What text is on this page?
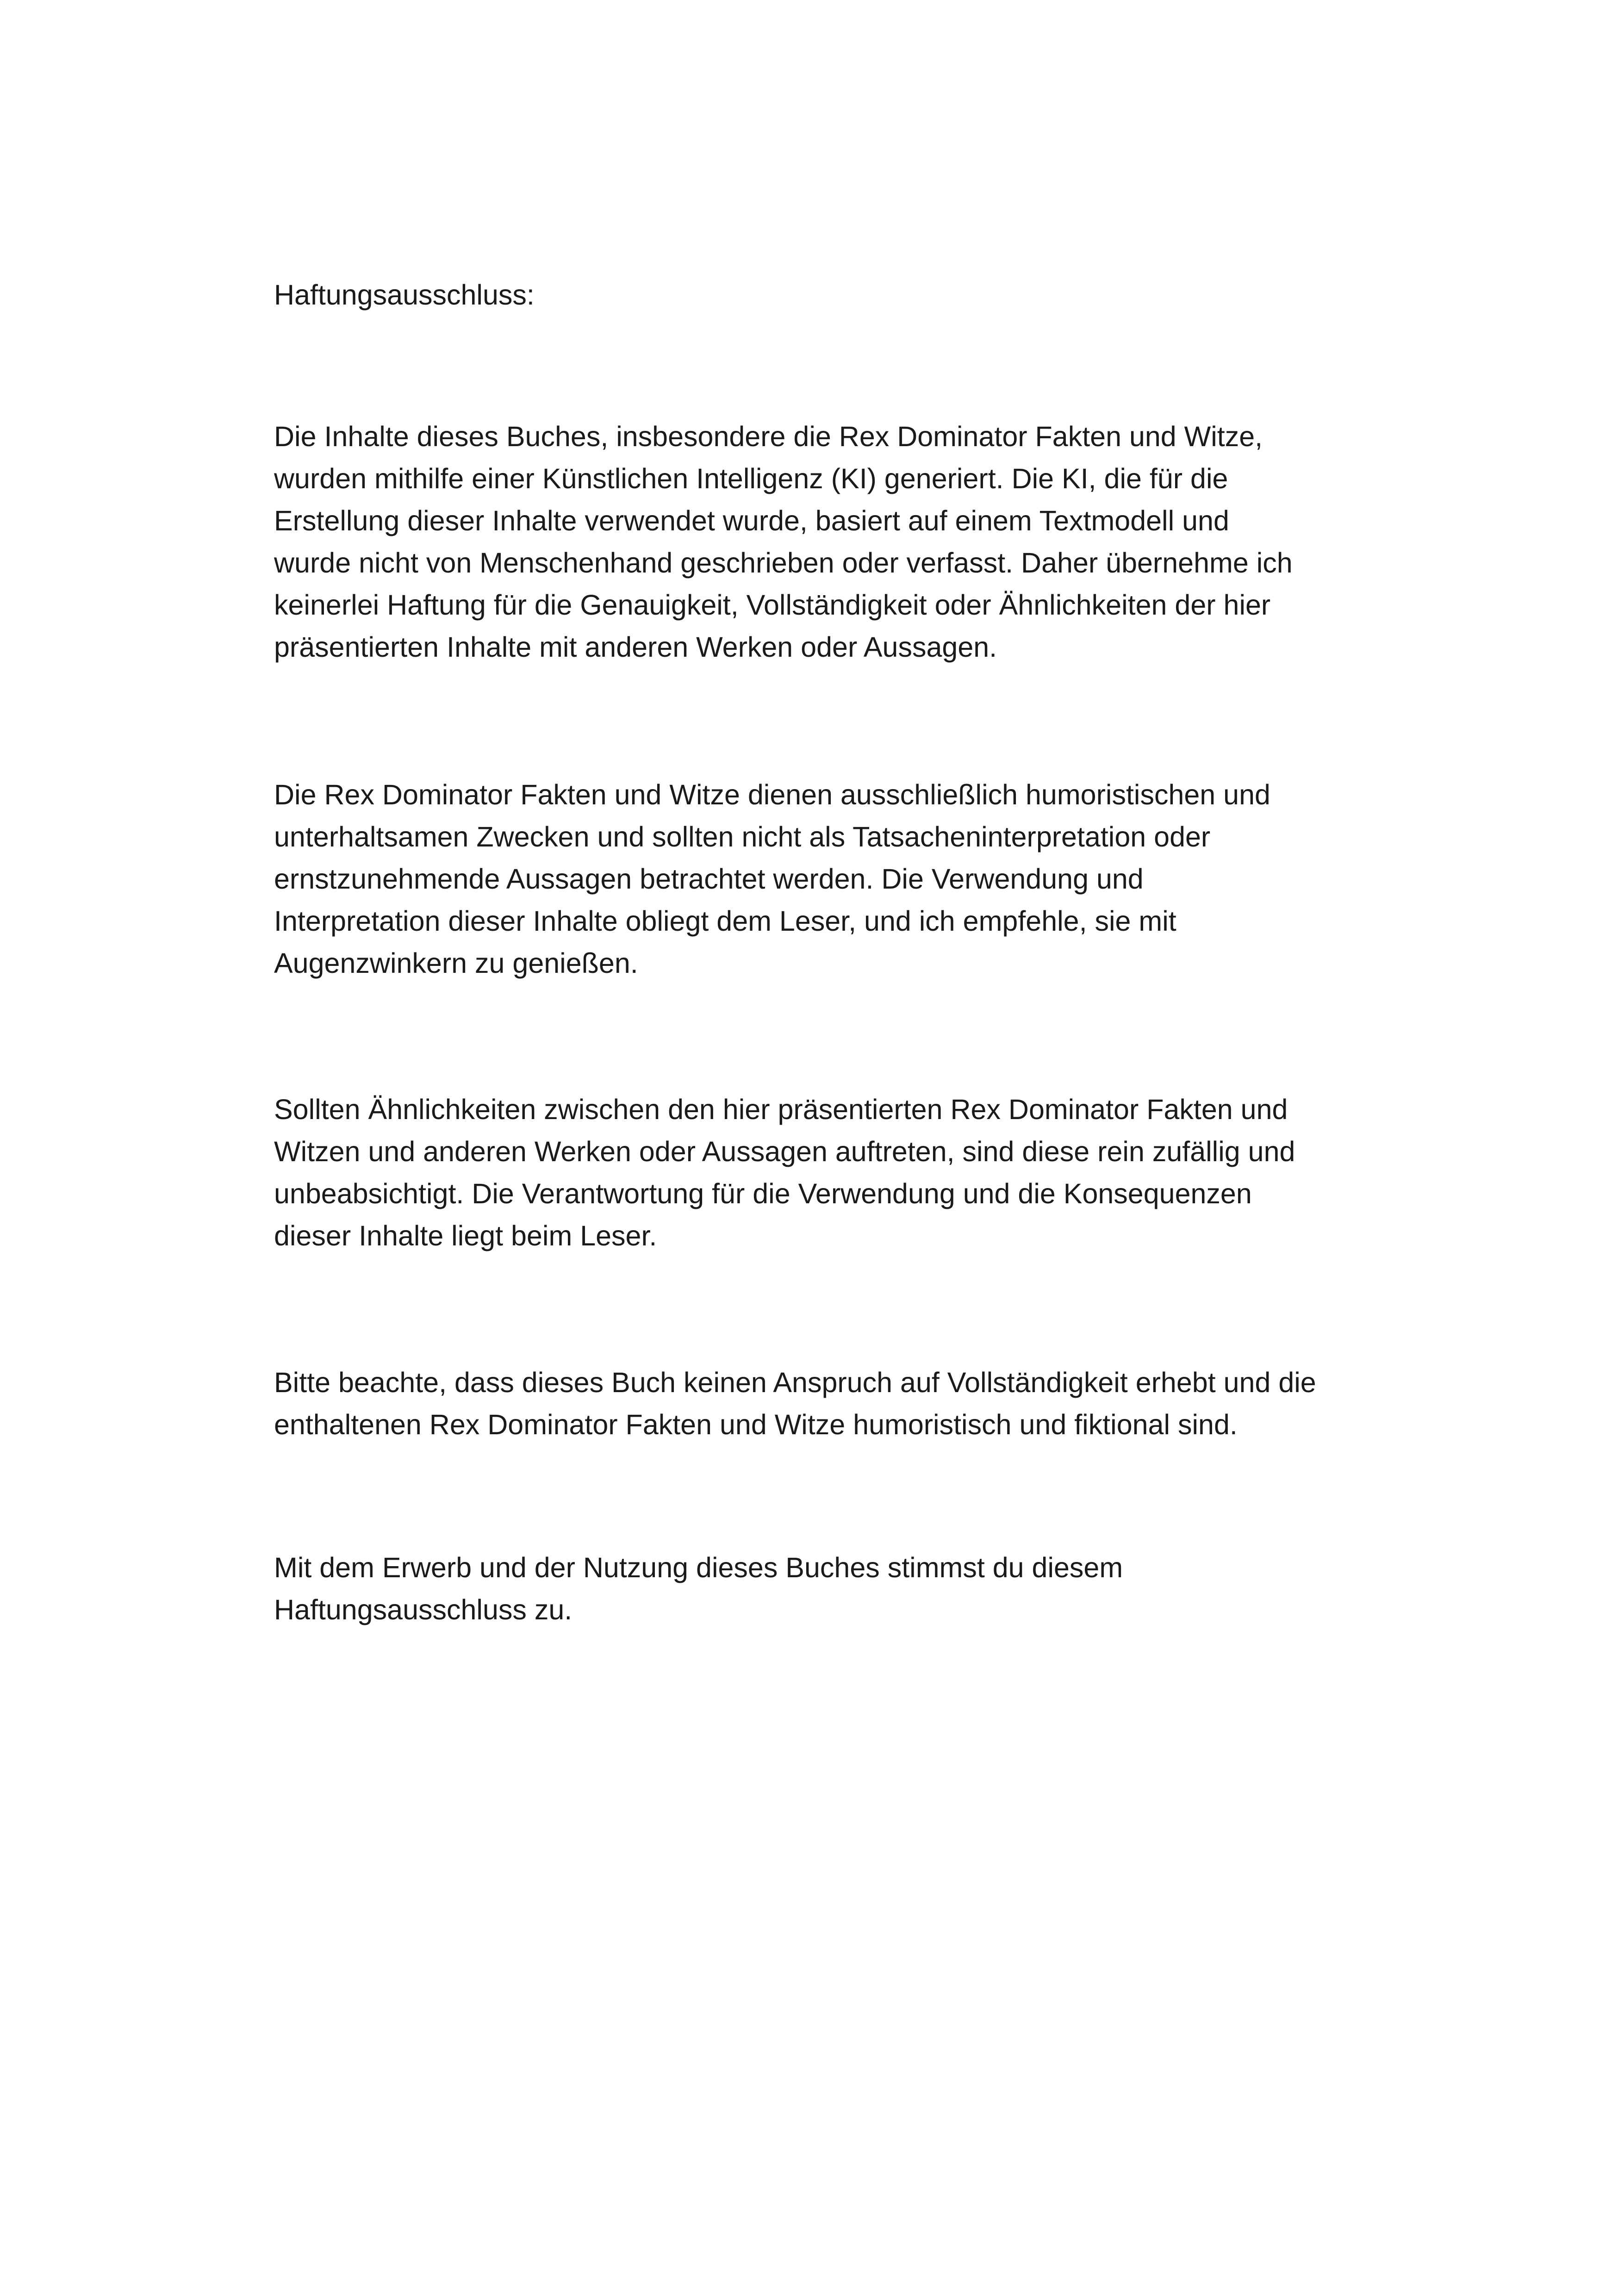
Haftungsausschluss:
Die Inhalte dieses Buches, insbesondere die Rex Dominator Fakten und Witze,
wurden mithilfe einer Künstlichen Intelligenz (KI) generiert. Die KI, die für die
Erstellung dieser Inhalte verwendet wurde, basiert auf einem Textmodell und
wurde nicht von Menschenhand geschrieben oder verfasst. Daher übernehme ich
keinerlei Haftung für die Genauigkeit, Vollständigkeit oder Ähnlichkeiten der hier
präsentierten Inhalte mit anderen Werken oder Aussagen.
Die Rex Dominator Fakten und Witze dienen ausschließlich humoristischen und
unterhaltsamen Zwecken und sollten nicht als Tatsacheninterpretation oder
ernstzunehmende Aussagen betrachtet werden. Die Verwendung und
Interpretation dieser Inhalte obliegt dem Leser, und ich empfehle, sie mit
Augenzwinkern zu genießen.
Sollten Ähnlichkeiten zwischen den hier präsentierten Rex Dominator Fakten und
Witzen und anderen Werken oder Aussagen auftreten, sind diese rein zufällig und
unbeabsichtigt. Die Verantwortung für die Verwendung und die Konsequenzen
dieser Inhalte liegt beim Leser.
Bitte beachte, dass dieses Buch keinen Anspruch auf Vollständigkeit erhebt und die
enthaltenen Rex Dominator Fakten und Witze humoristisch und fiktional sind.
Mit dem Erwerb und der Nutzung dieses Buches stimmst du diesem
Haftungsausschluss zu.
